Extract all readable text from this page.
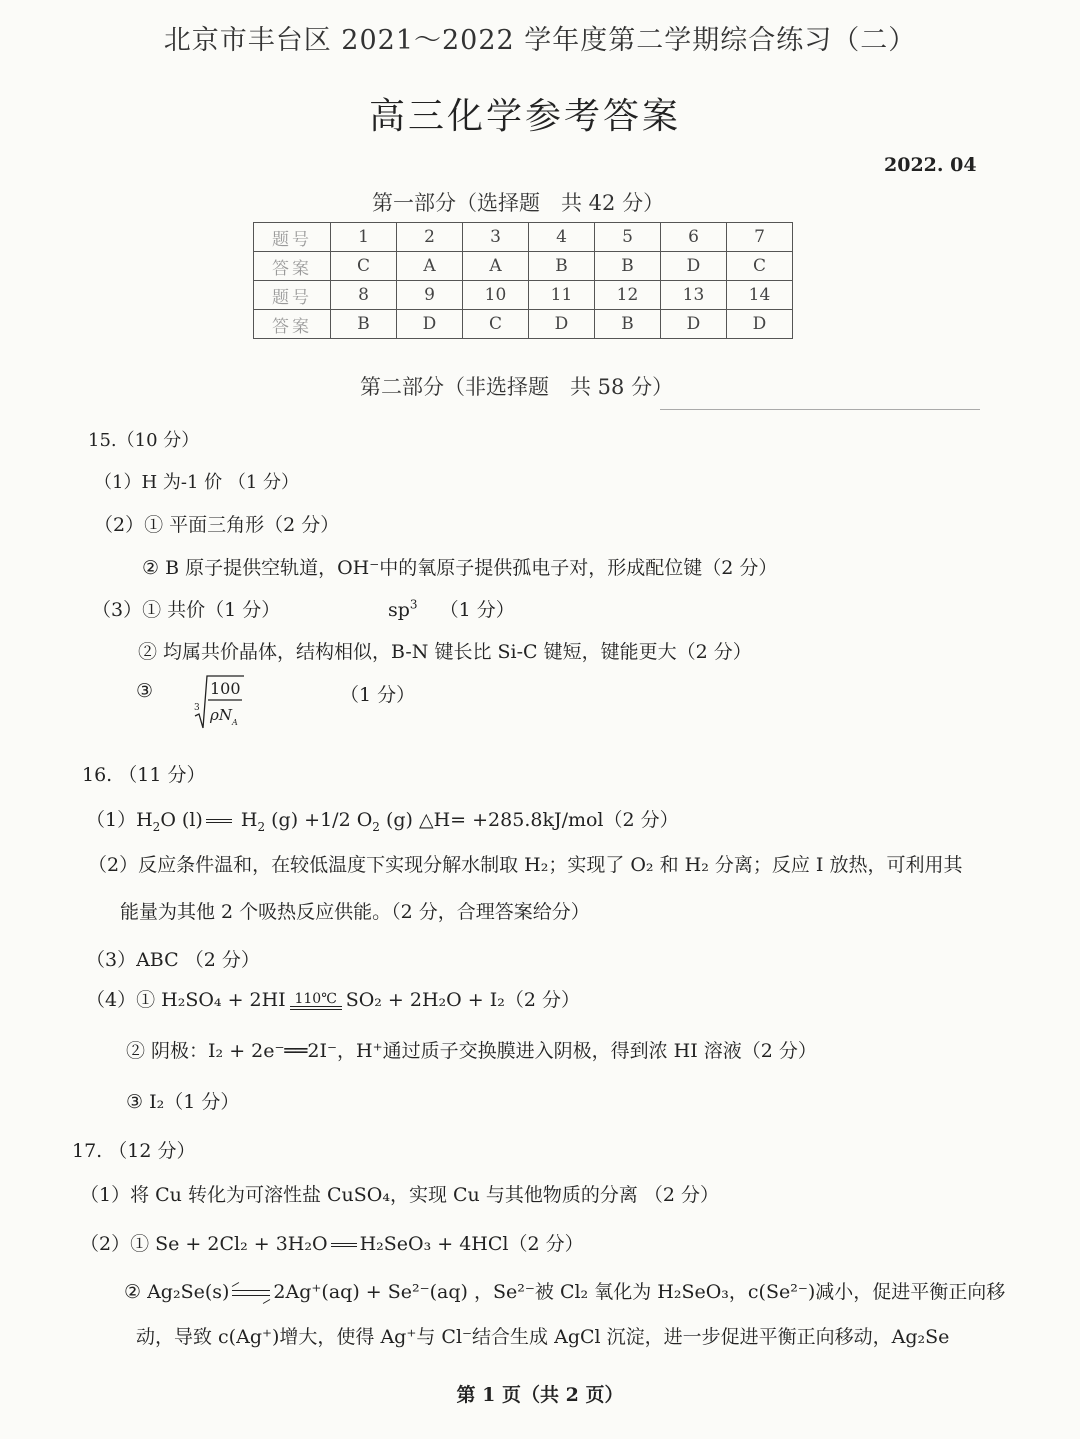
北京市丰台区 2021～2022 学年度第二学期综合练习（二）
高三化学参考答案
2022. 04
第一部分（选择题　共 42 分）
题号	1	2	3	4	5	6	7
答案	C	A	A	B	B	D	C
题号	8	9	10	11	12	13	14
答案	B	D	C	D	B	D	D
第二部分（非选择题　共 58 分）
15.（10 分）
（1）H 为-1 价 （1 分）
（2）① 平面三角形（2 分）
② B 原子提供空轨道，OH⁻中的氧原子提供孤电子对，形成配位键（2 分）
（3）① 共价（1 分）	$sp^3$ （1 分）
② 均属共价晶体，结构相似，B-N 键长比 Si-C 键短，键能更大（2 分）
③
3
100
ρN A
（1 分）
16. （11 分）
$(1)H_2O$ (l) $H_2$ (g) +1/2 $O_2$ (g) △H= +285.8kJ/mol（2 分）
（2）反应条件温和，在较低温度下实现分解水制取 H₂；实现了 O₂ 和 H₂ 分离；反应 I 放热，可利用其
能量为其他 2 个吸热反应供能。（2 分，合理答案给分）
（3）ABC （2 分）
（4）① H₂SO₄ + 2HI 110℃ SO₂ + 2H₂O + I₂（2 分）
② 阴极：I₂ + 2e⁻══2I⁻，H⁺通过质子交换膜进入阴极，得到浓 HI 溶液（2 分）
③ I₂（1 分）
17. （12 分）
（1）将 Cu 转化为可溶性盐 CuSO₄，实现 Cu 与其他物质的分离 （2 分）
（2）① Se + 2Cl₂ + 3H₂O H₂SeO₃ + 4HCl（2 分）
② Ag₂Se(s) ⇌ 2Ag⁺(aq) + Se²⁻(aq) ，Se²⁻被 Cl₂ 氧化为 H₂SeO₃，c(Se²⁻)减小，促进平衡正向移
动，导致 c(Ag⁺)增大，使得 Ag⁺与 Cl⁻结合生成 AgCl 沉淀，进一步促进平衡正向移动，Ag₂Se
第 1 页（共 2 页）
